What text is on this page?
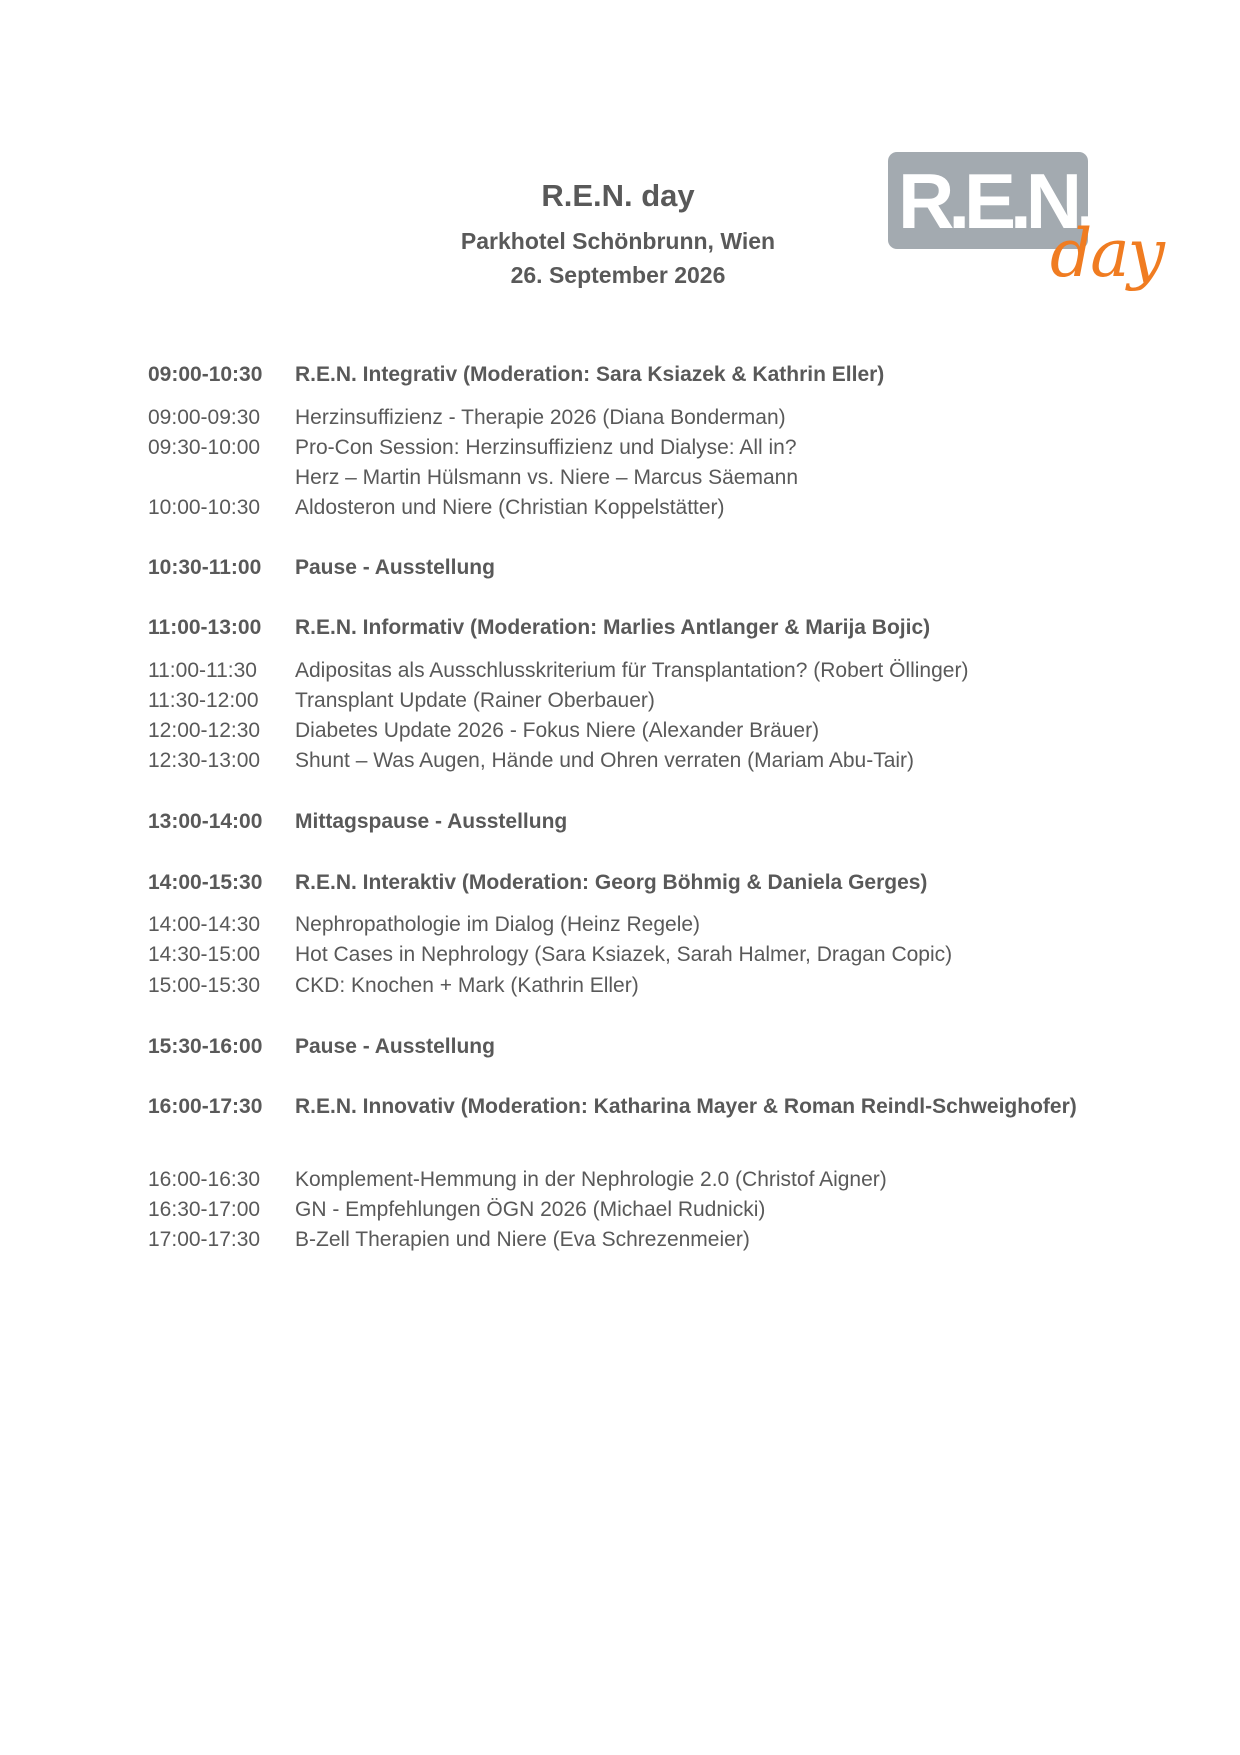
R.E.N. day
Parkhotel Schönbrunn, Wien
26. September 2026
R.E.N.
day
09:00-10:30	R.E.N. Integrativ (Moderation: Sara Ksiazek & Kathrin Eller)
09:00-09:30	Herzinsuffizienz - Therapie 2026 (Diana Bonderman)
09:30-10:00	Pro-Con Session: Herzinsuffizienz und Dialyse: All in?
Herz – Martin Hülsmann vs. Niere – Marcus Säemann
10:00-10:30	Aldosteron und Niere (Christian Koppelstätter)
10:30-11:00	Pause - Ausstellung
11:00-13:00	R.E.N. Informativ (Moderation: Marlies Antlanger & Marija Bojic)
11:00-11:30	Adipositas als Ausschlusskriterium für Transplantation? (Robert Öllinger)
11:30-12:00	Transplant Update (Rainer Oberbauer)
12:00-12:30	Diabetes Update 2026 - Fokus Niere (Alexander Bräuer)
12:30-13:00	Shunt – Was Augen, Hände und Ohren verraten (Mariam Abu-Tair)
13:00-14:00	Mittagspause - Ausstellung
14:00-15:30	R.E.N. Interaktiv (Moderation: Georg Böhmig & Daniela Gerges)
14:00-14:30	Nephropathologie im Dialog (Heinz Regele)
14:30-15:00	Hot Cases in Nephrology (Sara Ksiazek, Sarah Halmer, Dragan Copic)
15:00-15:30	CKD: Knochen + Mark (Kathrin Eller)
15:30-16:00	Pause - Ausstellung
16:00-17:30	R.E.N. Innovativ (Moderation: Katharina Mayer & Roman Reindl-Schweighofer)
16:00-16:30	Komplement-Hemmung in der Nephrologie 2.0 (Christof Aigner)
16:30-17:00	GN - Empfehlungen ÖGN 2026 (Michael Rudnicki)
17:00-17:30	B-Zell Therapien und Niere (Eva Schrezenmeier)
